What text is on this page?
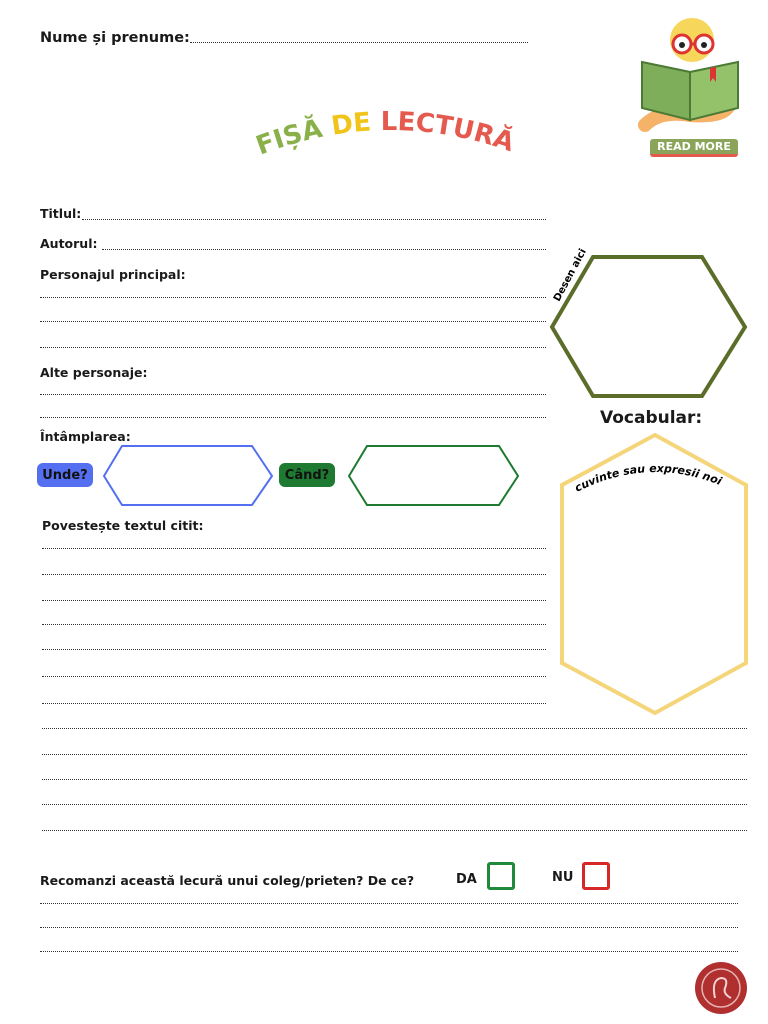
Nume și prenume:
FIȘĂ DE LECTURĂ	READ MORE
Titlul:
Autorul:
Personajul principal:
Alte personaje:
Desen aici
Întâmplarea:
Unde?	Când?
Vocabular:
cuvinte sau expresii noi
Povestește textul citit:
Recomanzi această lecură unui coleg/prieten? De ce?	DA	NU
